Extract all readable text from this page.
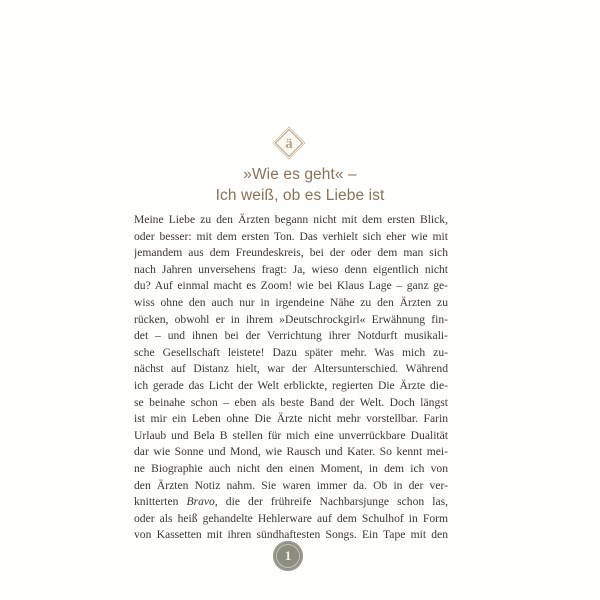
ä
»Wie es geht« –
Ich weiß, ob es Liebe ist
Meine Liebe zu den Ärzten begann nicht mit dem ersten Blick,
oder besser: mit dem ersten Ton. Das verhielt sich eher wie mit
jemandem aus dem Freundeskreis, bei der oder dem man sich
nach Jahren unversehens fragt: Ja, wieso denn eigentlich nicht
du? Auf einmal macht es Zoom! wie bei Klaus Lage – ganz ge-
wiss ohne den auch nur in irgendeine Nähe zu den Ärzten zu
rücken, obwohl er in ihrem »Deutschrockgirl« Erwähnung fin-
det – und ihnen bei der Verrichtung ihrer Notdurft musikali-
sche Gesellschaft leistete! Dazu später mehr. Was mich zu-
nächst auf Distanz hielt, war der Altersunterschied. Während
ich gerade das Licht der Welt erblickte, regierten Die Ärzte die-
se beinahe schon – eben als beste Band der Welt. Doch längst
ist mir ein Leben ohne Die Ärzte nicht mehr vorstellbar. Farin
Urlaub und Bela B stellen für mich eine unverrückbare Dualität
dar wie Sonne und Mond, wie Rausch und Kater. So kennt mei-
ne Biographie auch nicht den einen Moment, in dem ich von
den Ärzten Notiz nahm. Sie waren immer da. Ob in der ver-
knitterten Bravo, die der frühreife Nachbarsjunge schon las,
oder als heiß gehandelte Hehlerware auf dem Schulhof in Form
von Kassetten mit ihren sündhaftesten Songs. Ein Tape mit den
1
